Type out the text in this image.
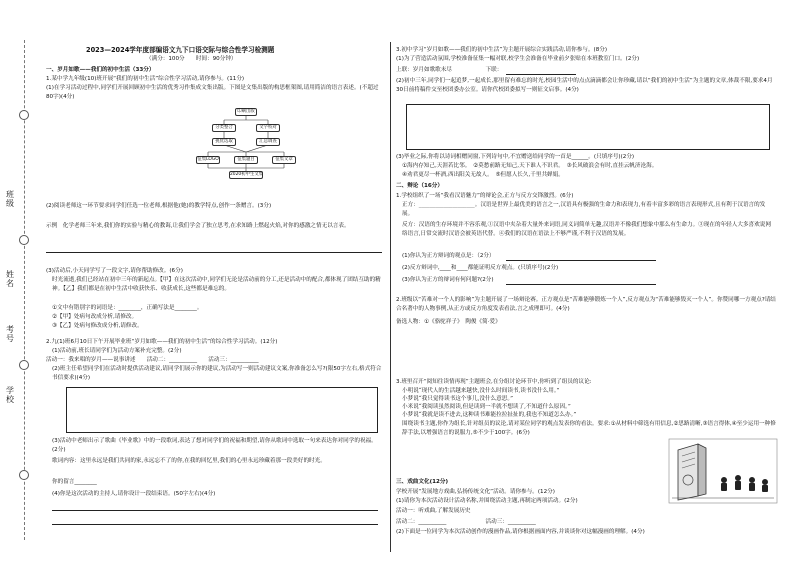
班级
姓名
考号
学校
2023—2024学年度部编语文九下口语交际与综合性学习检测题
（满分：100分　　时间：90分钟）
一、岁月如歌——我们的初中生活（33分）
1.某中学九年级(10)班开展“我们的初中生活”综合性学习活动,请你参与。(11分)
(1)在学习活动过程中,同学们开展回顾初中生活的优秀习作集成文集出版。下图是文集出版的构思框架图,请用简洁的语言表述。(不超过80字)(4分)
印刷出版
分类整合	文字校对
挑优选取	汇总调查
征集LOGO	征集题目	征集文章
2020初中生文集
(2)阅读老师这一环节要求同学们任选一位老师,根据他(她)的教学特点,创作一条赠言。(3分)
示例　化学老师三年来,我们你的实验与精心的教诲,让我们学会了独立思考,在求知路上燃起火焰,对你的感激之情无以言表。
(3)活动后,小天同学写了一段文字,请你帮助修改。(6分)
时光流逝,我们已经站在初中三年的新起点。【甲】在这次活动中,同学们无论是活动前的分工,还是活动中的配合,都体现了团结互助的精神。【乙】我们都是在初中生活中收获快乐、收获成长,这些都是难忘的。
①文中有错别字的词语是：________，正确写法是________。
②【甲】处病句改成分析,请修改。
③【乙】处病句修改成分析,请修改。
2.九(1)班6月10日下午开展毕业班“岁月如歌——我们的初中生活”的综合性学习活动。(12分)
(1)活动前,班长请同学们为活动方案补充完整。(2分)
活动一：我来唱的岁月——说事讲述　　活动二：__________　　活动三：__________
(2)班主任希望同学们在活动时提供活动建议,请同学们展示你的建议,为活动写一则活动建议文案,你准备怎么写?(限50字左右,格式符合书信要求)(4分)
(3)活动中老师出示了歌曲《毕业歌》中的一段歌词,表达了想对同学们的祝福和期望,请你从歌词中选取一句来表达你对同学的祝福。(2分)
歌词内容：这里永远是我们共同的家,永远忘不了的你,在我的回忆里,我们的心里永远珍藏着那一段美好的时光。
你的留言________
(4)你是这次活动的主持人,请你设计一段结束语。(50字左右)(4分)
3.初中学习“岁月如歌——我们的初中生活”为主题开展综合实践活动,请你参与。(8分)
(1)为了营造活动氛围,学校准备征集一幅对联,校学生会准备在毕业前夕张贴在本班教室门口。(2分)
上联：岁月如歌歌未尽　　　　　　下联：
(2)初中三年,同学们一起追梦,一起成长,那里留有难忘的时光,校园生活中的点点滴滴都会让你珍藏,请以“我们的初中生活”为主题的文章,体裁不限,要求4月30日前将稿件交至校团委办公室。请你代校团委拟写一则征文启事。(4分)
(3)毕业之际,你将以诗词相赠同窗,下列诗句中,不宜赠送给同学的一首是______。(只填序号)(2分)
①海内存知己,天涯若比邻。　②莫愁前路无知己,天下谁人不识君。　③长风破浪会有时,直挂云帆济沧海。
④劝君更尽一杯酒,西出阳关无故人。　⑤但愿人长久,千里共婵娟。
二、辩论（16分）
1.学校组织了一场“我看汉语魅力”的辩论会,正方与反方交锋激烈。(6分)
正方：____________________。汉语是世界上最优美的语言之一,汉语具有极强的生命力和表现力,有着丰富多彩的语言表现形式,且有利于汉语言的发展。
反方：汉语的生存环境并不容乐观,①汉语中夹杂着大量外来词语,同义词简单无趣,汉语并不像我们想象中那么有生命力。③现在的年轻人大多喜欢说网络语言,日常交流时汉语会被英语代替。④我们的汉语在语法上不够严谨,不利于汉语的发展。
(1)你认为正方辩词的观点是：（2分）
(2)反方辩词中,____和____都能证明反方观点。(只填序号)(2分)
(3)你认为正方的辩词有何问题?(2分)
2.班级以“苦难对一个人的影响”为主题开展了一场辩论赛。正方观点是“苦难能够锻炼一个人”,反方观点为“苦难能够毁灭一个人”。你赞同哪一方观点?请结合名著中的人物事例,从正方或反方角度发表看法,言之成理即可。(4分)
备选人物：①《骆驼祥子》　陶俊《简·爱》
3.班里召开“阅知往读情再现”主题班会,在分组讨论环节中,你听到了组员的议论:
小明说“现代人的生活越来越快,没什么时间读书,读书没什么用。”
小梦说“我只觉得读书这个事儿,没什么意思。”
小米说“我阅读虽然阅读,但是读到一半就不想读了,不知道什么原因。”
小梦说“我就是读不进去,这种读书难能拉拉扯扯的,我也不知道怎么办。”
围绕读书主题,你作为组长,针对组员的议论,请对某位同学的观点发表你的看法。要求:①从材料中筛选有用信息,②思路清晰,③语言得体,④至少运用一种修辞手法,以增强语言的说服力,⑤不少于100字。(6分)
三、戏曲文化(12分)
学校开展“发展地方戏曲,弘扬传统文化”活动。请你参与。(12分)
(1)请你为本次活动设计活动名称,并围绕活动主题,再制定两项活动。(2分)
活动一：听戏曲,了解发展历史
活动二：__________　　　　　　　活动三：__________
(2)下面是一位同学为本次活动创作的漫画作品,请你根据画面内容,并谈谈你对这幅漫画的理解。(4分)
